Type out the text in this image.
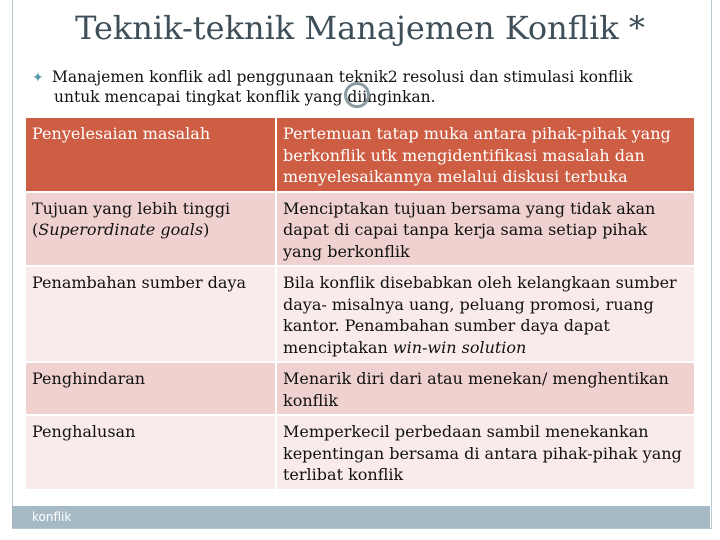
Teknik-teknik Manajemen Konflik *
✦ Manajemen konflik adl penggunaan teknik2 resolusi dan stimulasi konflik
untuk mencapai tingkat konflik yang diinginkan.
Penyelesaian masalah	Pertemuan tatap muka antara pihak-pihak yang berkonflik utk mengidentifikasi masalah dan menyelesaikannya melalui diskusi terbuka
Tujuan yang lebih tinggi
(Superordinate goals)	Menciptakan tujuan bersama yang tidak akan dapat di capai tanpa kerja sama setiap pihak yang berkonflik
Penambahan sumber daya	Bila konflik disebabkan oleh kelangkaan sumber daya- misalnya uang, peluang promosi, ruang kantor. Penambahan sumber daya dapat menciptakan win-win solution
Penghindaran	Menarik diri dari atau menekan/ menghentikan konflik
Penghalusan	Memperkecil perbedaan sambil menekankan kepentingan bersama di antara pihak-pihak yang terlibat konflik
konflik
